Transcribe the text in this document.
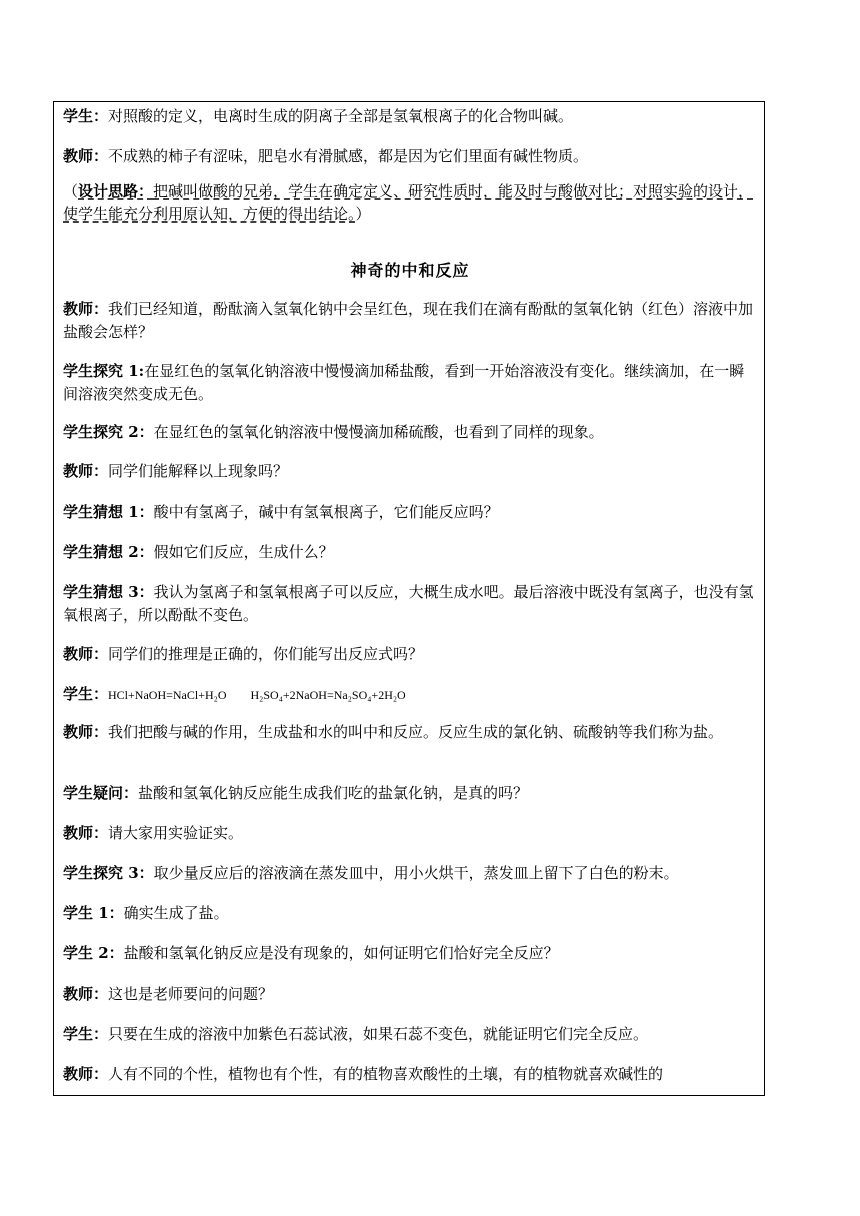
学生：对照酸的定义，电离时生成的阴离子全部是氢氧根离子的化合物叫碱。

教师：不成熟的柿子有涩味，肥皂水有滑腻感，都是因为它们里面有碱性物质。

（设计思路：把碱叫做酸的兄弟，学生在确定定义、研究性质时，能及时与酸做对比；对照实验的设计，使学生能充分利用原认知，方便的得出结论。）

神奇的中和反应

教师：我们已经知道，酚酞滴入氢氧化钠中会呈红色，现在我们在滴有酚酞的氢氧化钠（红色）溶液中加盐酸会怎样？

学生探究 1:在显红色的氢氧化钠溶液中慢慢滴加稀盐酸，看到一开始溶液没有变化。继续滴加，在一瞬间溶液突然变成无色。

学生探究 2：在显红色的氢氧化钠溶液中慢慢滴加稀硫酸，也看到了同样的现象。

教师：同学们能解释以上现象吗？

学生猜想 1：酸中有氢离子，碱中有氢氧根离子，它们能反应吗？

学生猜想 2：假如它们反应，生成什么？

学生猜想 3：我认为氢离子和氢氧根离子可以反应，大概生成水吧。最后溶液中既没有氢离子，也没有氢氧根离子，所以酚酞不变色。

教师：同学们的推理是正确的，你们能写出反应式吗？

学生：HCl+NaOH=NaCl+H₂O H₂SO₄+2NaOH=Na₂SO₄+2H₂O

教师：我们把酸与碱的作用，生成盐和水的叫中和反应。反应生成的氯化钠、硫酸钠等我们称为盐。

学生疑问：盐酸和氢氧化钠反应能生成我们吃的盐氯化钠，是真的吗？

教师：请大家用实验证实。

学生探究 3：取少量反应后的溶液滴在蒸发皿中，用小火烘干，蒸发皿上留下了白色的粉末。

学生 1：确实生成了盐。

学生 2：盐酸和氢氧化钠反应是没有现象的，如何证明它们恰好完全反应？

教师：这也是老师要问的问题？

学生：只要在生成的溶液中加紫色石蕊试液，如果石蕊不变色，就能证明它们完全反应。

教师：人有不同的个性，植物也有个性，有的植物喜欢酸性的土壤，有的植物就喜欢碱性的
